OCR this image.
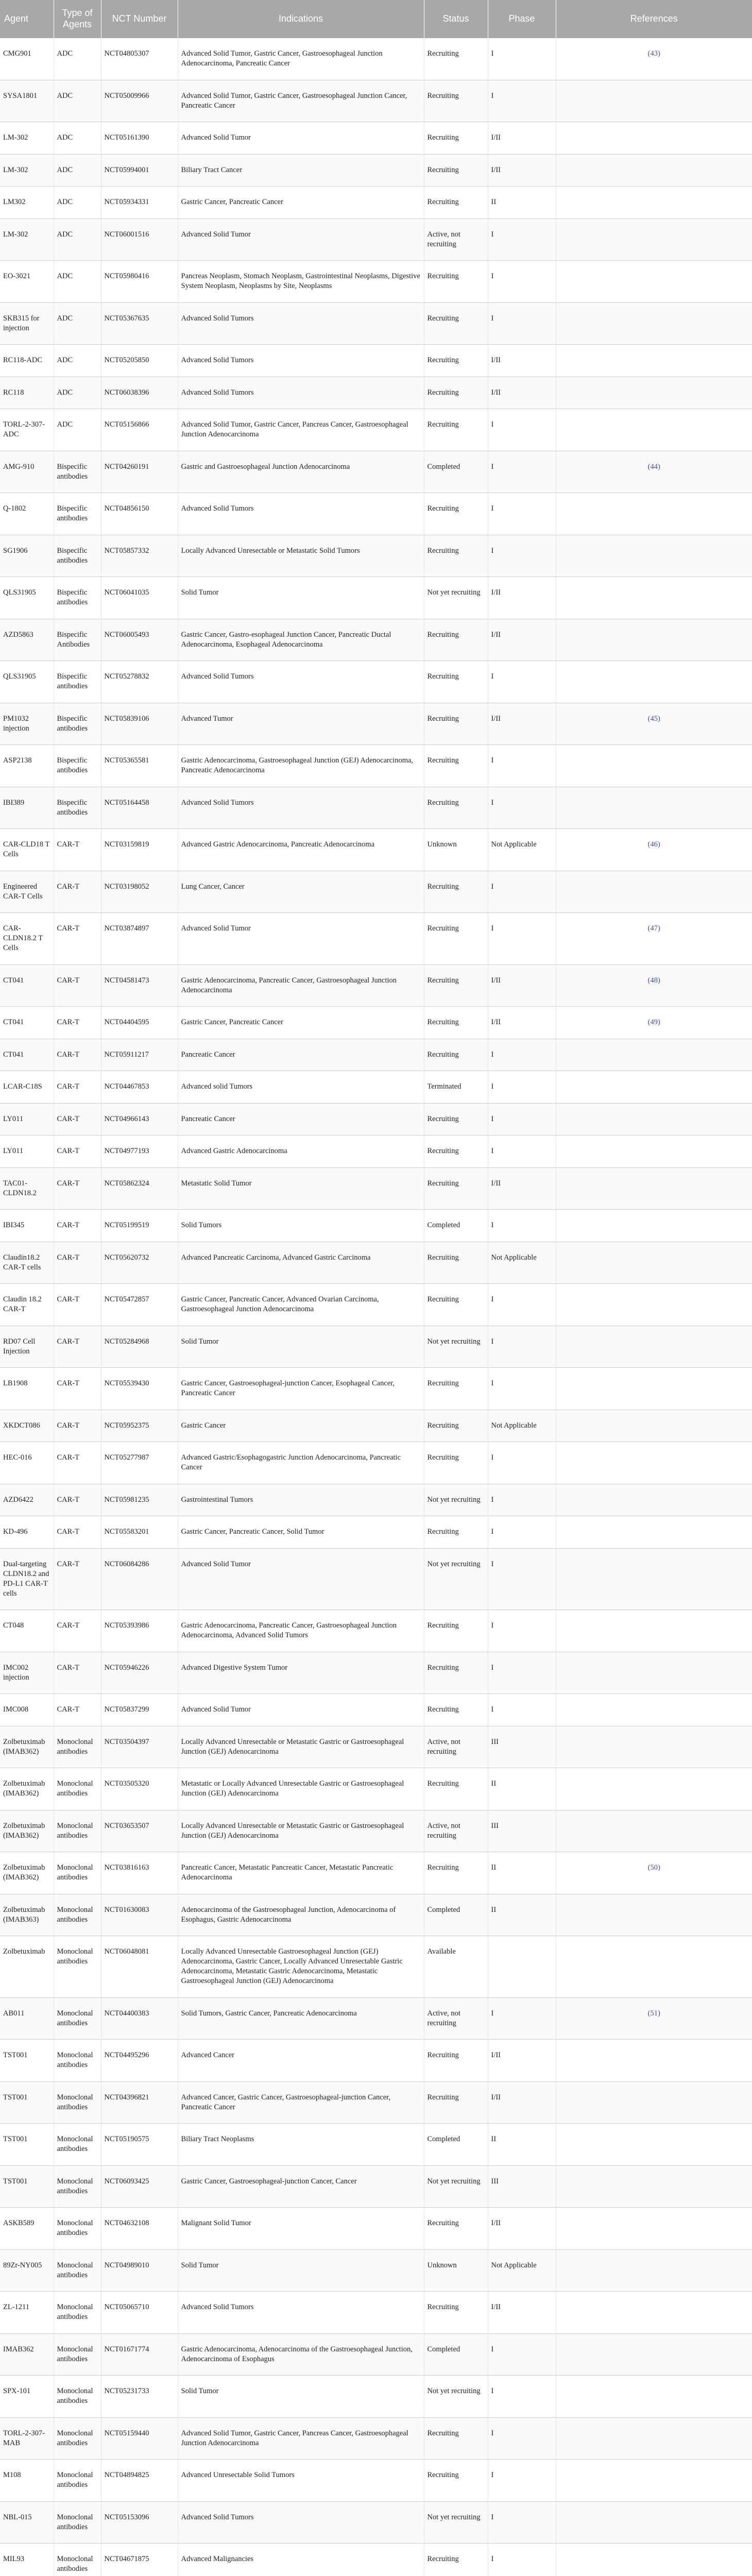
Agent	Type of Agents	NCT Number	Indications	Status	Phase	References
CMG901	ADC	NCT04805307	Advanced Solid Tumor, Gastric Cancer, Gastroesophageal Junction Adenocarcinoma, Pancreatic Cancer	Recruiting	I	(43)
SYSA1801	ADC	NCT05009966	Advanced Solid Tumor, Gastric Cancer, Gastroesophageal Junction Cancer, Pancreatic Cancer	Recruiting	I	
LM-302	ADC	NCT05161390	Advanced Solid Tumor	Recruiting	I/II	
LM-302	ADC	NCT05994001	Biliary Tract Cancer	Recruiting	I/II	
LM302	ADC	NCT05934331	Gastric Cancer, Pancreatic Cancer	Recruiting	II	
LM-302	ADC	NCT06001516	Advanced Solid Tumor	Active, not recruiting	I	
EO-3021	ADC	NCT05980416	Pancreas Neoplasm, Stomach Neoplasm, Gastrointestinal Neoplasms, Digestive System Neoplasm, Neoplasms by Site, Neoplasms	Recruiting	I	
SKB315 for injection	ADC	NCT05367635	Advanced Solid Tumors	Recruiting	I	
RC118-ADC	ADC	NCT05205850	Advanced Solid Tumors	Recruiting	I/II	
RC118	ADC	NCT06038396	Advanced Solid Tumors	Recruiting	I/II	
TORL-2-307-ADC	ADC	NCT05156866	Advanced Solid Tumor, Gastric Cancer, Pancreas Cancer, Gastroesophageal Junction Adenocarcinoma	Recruiting	I	
AMG-910	Bispecific antibodies	NCT04260191	Gastric and Gastroesophageal Junction Adenocarcinoma	Completed	I	(44)
Q-1802	Bispecific antibodies	NCT04856150	Advanced Solid Tumors	Recruiting	I	
SG1906	Bispecific antibodies	NCT05857332	Locally Advanced Unresectable or Metastatic Solid Tumors	Recruiting	I	
QLS31905	Bispecific antibodies	NCT06041035	Solid Tumor	Not yet recruiting	I/II	
AZD5863	Bispecific Antibodies	NCT06005493	Gastric Cancer, Gastro-esophageal Junction Cancer, Pancreatic Ductal Adenocarcinoma, Esophageal Adenocarcinoma	Recruiting	I/II	
QLS31905	Bispecific antibodies	NCT05278832	Advanced Solid Tumors	Recruiting	I	
PM1032 injection	Bispecific antibodies	NCT05839106	Advanced Tumor	Recruiting	I/II	(45)
ASP2138	Bispecific antibodies	NCT05365581	Gastric Adenocarcinoma, Gastroesophageal Junction (GEJ) Adenocarcinoma, Pancreatic Adenocarcinoma	Recruiting	I	
IBI389	Bispecific antibodies	NCT05164458	Advanced Solid Tumors	Recruiting	I	
CAR-CLD18 T Cells	CAR-T	NCT03159819	Advanced Gastric Adenocarcinoma, Pancreatic Adenocarcinoma	Unknown	Not Applicable	(46)
Engineered CAR-T Cells	CAR-T	NCT03198052	Lung Cancer, Cancer	Recruiting	I	
CAR-CLDN18.2 T Cells	CAR-T	NCT03874897	Advanced Solid Tumor	Recruiting	I	(47)
CT041	CAR-T	NCT04581473	Gastric Adenocarcinoma, Pancreatic Cancer, Gastroesophageal Junction Adenocarcinoma	Recruiting	I/II	(48)
CT041	CAR-T	NCT04404595	Gastric Cancer, Pancreatic Cancer	Recruiting	I/II	(49)
CT041	CAR-T	NCT05911217	Pancreatic Cancer	Recruiting	I	
LCAR-C18S	CAR-T	NCT04467853	Advanced solid Tumors	Terminated	I	
LY011	CAR-T	NCT04966143	Pancreatic Cancer	Recruiting	I	
LY011	CAR-T	NCT04977193	Advanced Gastric Adenocarcinoma	Recruiting	I	
TAC01-CLDN18.2	CAR-T	NCT05862324	Metastatic Solid Tumor	Recruiting	I/II	
IBI345	CAR-T	NCT05199519	Solid Tumors	Completed	I	
Claudin18.2 CAR-T cells	CAR-T	NCT05620732	Advanced Pancreatic Carcinoma, Advanced Gastric Carcinoma	Recruiting	Not Applicable	
Claudin 18.2 CAR-T	CAR-T	NCT05472857	Gastric Cancer, Pancreatic Cancer, Advanced Ovarian Carcinoma, Gastroesophageal Junction Adenocarcinoma	Recruiting	I	
RD07 Cell Injection	CAR-T	NCT05284968	Solid Tumor	Not yet recruiting	I	
LB1908	CAR-T	NCT05539430	Gastric Cancer, Gastroesophageal-junction Cancer, Esophageal Cancer, Pancreatic Cancer	Recruiting	I	
XKDCT086	CAR-T	NCT05952375	Gastric Cancer	Recruiting	Not Applicable	
HEC-016	CAR-T	NCT05277987	Advanced Gastric/Esophagogastric Junction Adenocarcinoma, Pancreatic Cancer	Recruiting	I	
AZD6422	CAR-T	NCT05981235	Gastrointestinal Tumors	Not yet recruiting	I	
KD-496	CAR-T	NCT05583201	Gastric Cancer, Pancreatic Cancer, Solid Tumor	Recruiting	I	
Dual-targeting CLDN18.2 and PD-L1 CAR-T cells	CAR-T	NCT06084286	Advanced Solid Tumor	Not yet recruiting	I	
CT048	CAR-T	NCT05393986	Gastric Adenocarcinoma, Pancreatic Cancer, Gastroesophageal Junction Adenocarcinoma, Advanced Solid Tumors	Recruiting	I	
IMC002 injection	CAR-T	NCT05946226	Advanced Digestive System Tumor	Recruiting	I	
IMC008	CAR-T	NCT05837299	Advanced Solid Tumor	Recruiting	I	
Zolbetuximab (IMAB362)	Monoclonal antibodies	NCT03504397	Locally Advanced Unresectable or Metastatic Gastric or Gastroesophageal Junction (GEJ) Adenocarcinoma	Active, not recruiting	III	
Zolbetuximab (IMAB362)	Monoclonal antibodies	NCT03505320	Metastatic or Locally Advanced Unresectable Gastric or Gastroesophageal Junction (GEJ) Adenocarcinoma	Recruiting	II	
Zolbetuximab (IMAB362)	Monoclonal antibodies	NCT03653507	Locally Advanced Unresectable or Metastatic Gastric or Gastroesophageal Junction (GEJ) Adenocarcinoma	Active, not recruiting	III	
Zolbetuximab (IMAB362)	Monoclonal antibodies	NCT03816163	Pancreatic Cancer, Metastatic Pancreatic Cancer, Metastatic Pancreatic Adenocarcinoma	Recruiting	II	(50)
Zolbetuximab (IMAB363)	Monoclonal antibodies	NCT01630083	Adenocarcinoma of the Gastroesophageal Junction, Adenocarcinoma of Esophagus, Gastric Adenocarcinoma	Completed	II	
Zolbetuximab	Monoclonal antibodies	NCT06048081	Locally Advanced Unresectable Gastroesophageal Junction (GEJ) Adenocarcinoma, Gastric Cancer, Locally Advanced Unresectable Gastric Adenocarcinoma, Metastatic Gastric Adenocarcinoma, Metastatic Gastroesophageal Junction (GEJ) Adenocarcinoma	Available		
AB011	Monoclonal antibodies	NCT04400383	Solid Tumors, Gastric Cancer, Pancreatic Adenocarcinoma	Active, not recruiting	I	(51)
TST001	Monoclonal antibodies	NCT04495296	Advanced Cancer	Recruiting	I/II	
TST001	Monoclonal antibodies	NCT04396821	Advanced Cancer, Gastric Cancer, Gastroesophageal-junction Cancer, Pancreatic Cancer	Recruiting	I/II	
TST001	Monoclonal antibodies	NCT05190575	Biliary Tract Neoplasms	Completed	II	
TST001	Monoclonal antibodies	NCT06093425	Gastric Cancer, Gastroesophageal-junction Cancer, Cancer	Not yet recruiting	III	
ASKB589	Monoclonal antibodies	NCT04632108	Malignant Solid Tumor	Recruiting	I/II	
89Zr-NY005	Monoclonal antibodies	NCT04989010	Solid Tumor	Unknown	Not Applicable	
ZL-1211	Monoclonal antibodies	NCT05065710	Advanced Solid Tumors	Recruiting	I/II	
IMAB362	Monoclonal antibodies	NCT01671774	Gastric Adenocarcinoma, Adenocarcinoma of the Gastroesophageal Junction, Adenocarcinoma of Esophagus	Completed	I	
SPX-101	Monoclonal antibodies	NCT05231733	Solid Tumor	Not yet recruiting	I	
TORL-2-307-MAB	Monoclonal antibodies	NCT05159440	Advanced Solid Tumor, Gastric Cancer, Pancreas Cancer, Gastroesophageal Junction Adenocarcinoma	Recruiting	I	
M108	Monoclonal antibodies	NCT04894825	Advanced Unresectable Solid Tumors	Recruiting	I	
NBL-015	Monoclonal antibodies	NCT05153096	Advanced Solid Tumors	Not yet recruiting	I	
MIL93	Monoclonal antibodies	NCT04671875	Advanced Malignancies	Recruiting	I	
